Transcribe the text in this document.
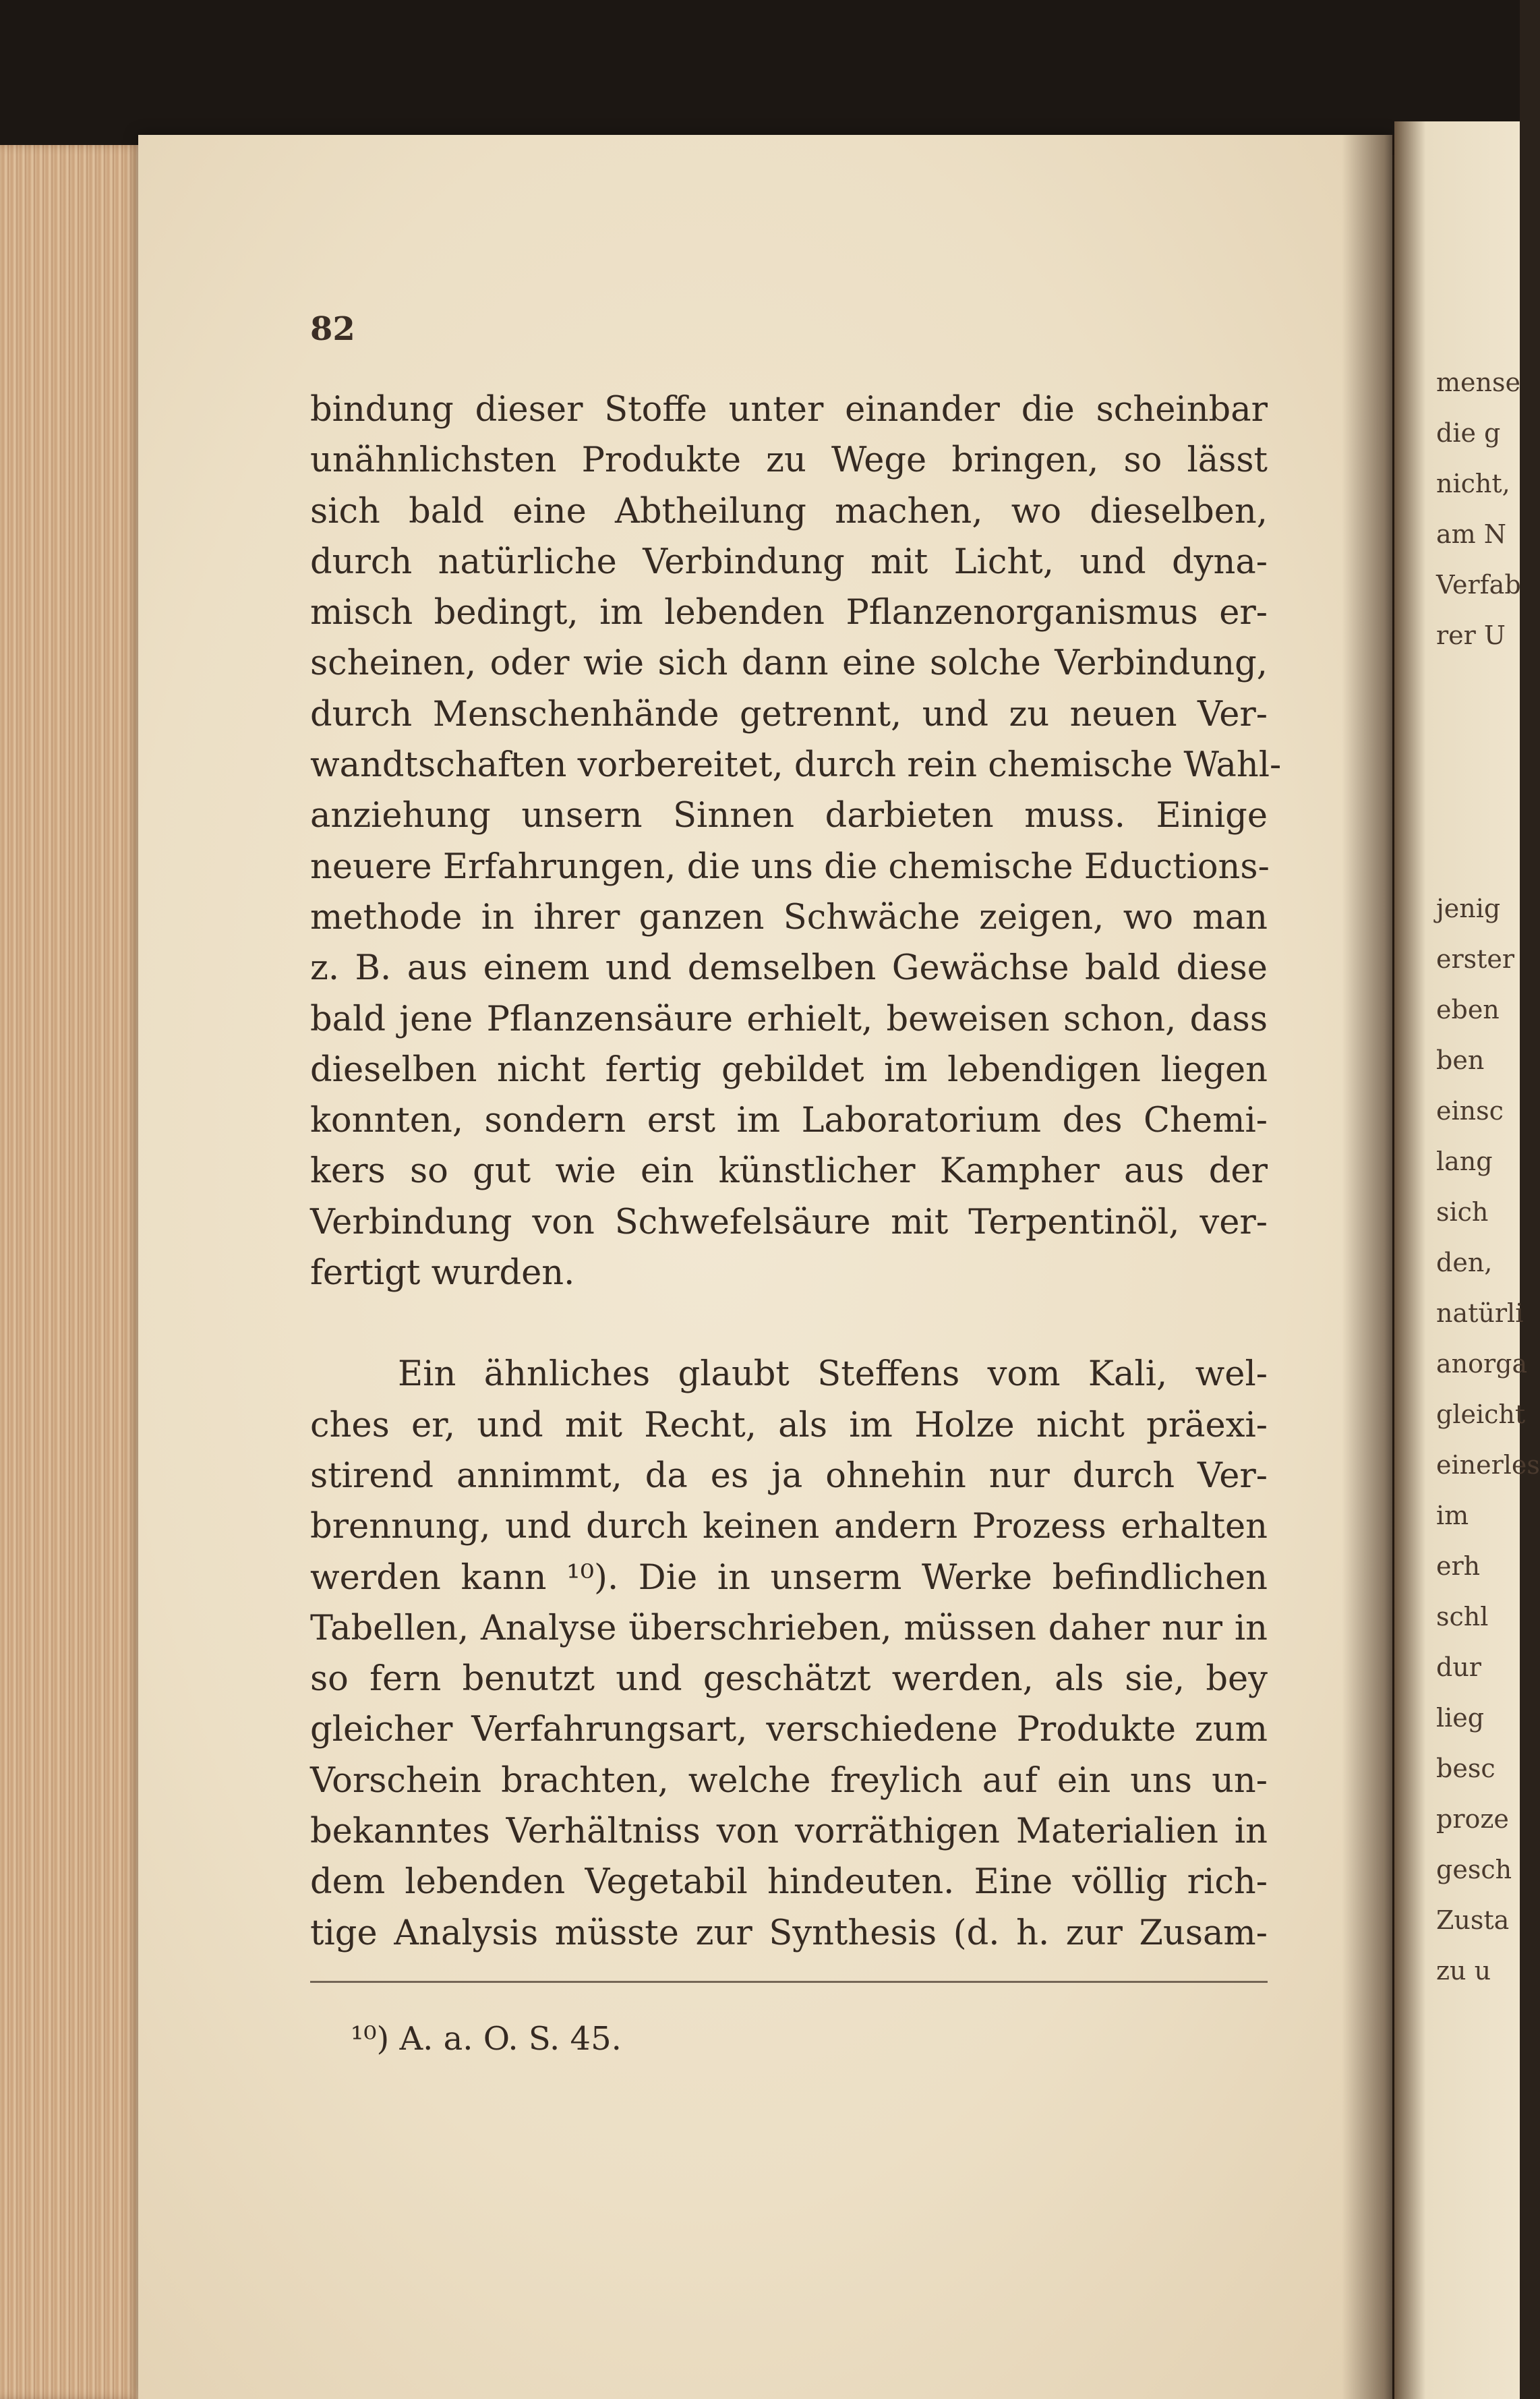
mense
die g
nicht,
am N
Verfab
rer U
jenig
erster
eben
ben
einsc
lang
sich
den,
natürli
anorga
gleicht
einerles
im
erh
schl
dur
lieg
besc
proze
gesch
Zusta
zu u

82

bindung dieser Stoffe unter einander die scheinbar
unähnlichsten Produkte zu Wege bringen, so lässt
sich bald eine Abtheilung machen, wo dieselben,
durch natürliche Verbindung mit Licht, und dyna-
misch bedingt, im lebenden Pflanzenorganismus er-
scheinen, oder wie sich dann eine solche Verbindung,
durch Menschenhände getrennt, und zu neuen Ver-
wandtschaften vorbereitet, durch rein chemische Wahl-
anziehung unsern Sinnen darbieten muss. Einige
neuere Erfahrungen, die uns die chemische Eductions-
methode in ihrer ganzen Schwäche zeigen, wo man
z. B. aus einem und demselben Gewächse bald diese
bald jene Pflanzensäure erhielt, beweisen schon, dass
dieselben nicht fertig gebildet im lebendigen liegen
konnten, sondern erst im Laboratorium des Chemi-
kers so gut wie ein künstlicher Kampher aus der
Verbindung von Schwefelsäure mit Terpentinöl, ver-
fertigt wurden.
Ein ähnliches glaubt Steffens vom Kali, wel-
ches er, und mit Recht, als im Holze nicht präexi-
stirend annimmt, da es ja ohnehin nur durch Ver-
brennung, und durch keinen andern Prozess erhalten
werden kann ¹⁰). Die in unserm Werke befindlichen
Tabellen, Analyse überschrieben, müssen daher nur in
so fern benutzt und geschätzt werden, als sie, bey
gleicher Verfahrungsart, verschiedene Produkte zum
Vorschein brachten, welche freylich auf ein uns un-
bekanntes Verhältniss von vorräthigen Materialien in
dem lebenden Vegetabil hindeuten. Eine völlig rich-
tige Analysis müsste zur Synthesis (d. h. zur Zusam-

¹⁰) A. a. O. S. 45.
